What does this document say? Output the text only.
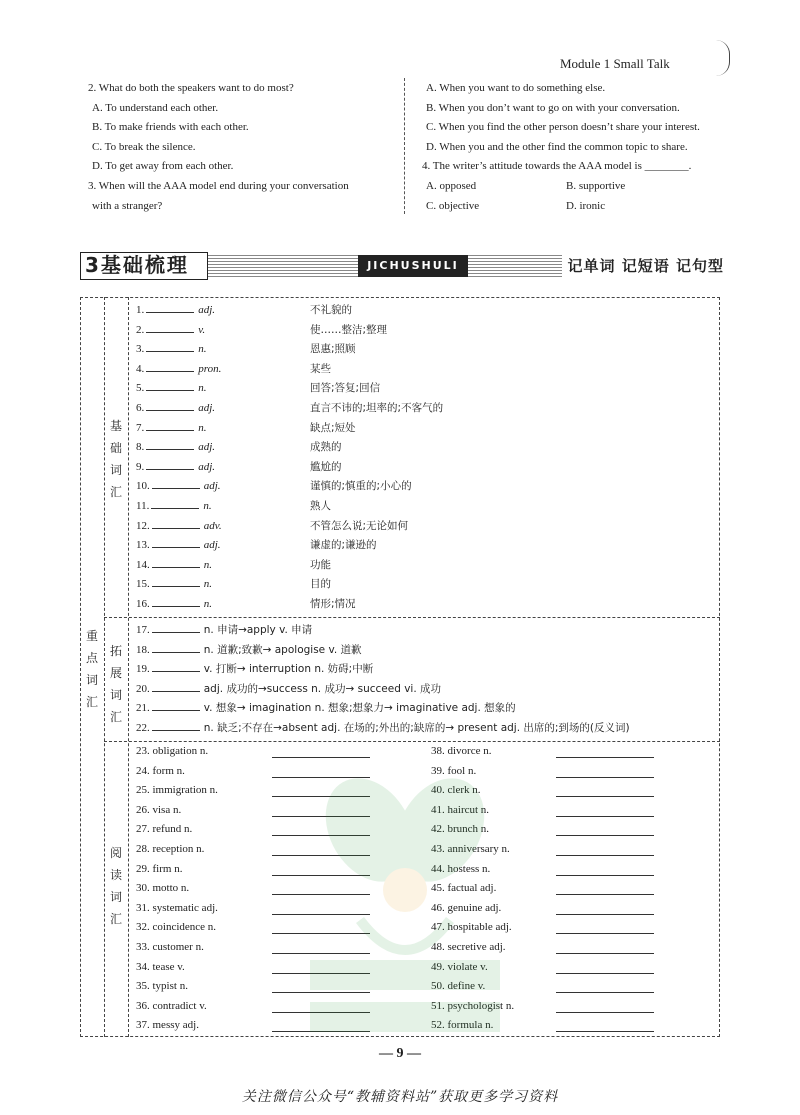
Module 1 Small Talk
2. What do both the speakers want to do most?
A. To understand each other.
B. To make friends with each other.
C. To break the silence.
D. To get away from each other.
3. When will the AAA model end during your conversation
with a stranger?
A. When you want to do something else.
B. When you don’t want to go on with your conversation.
C. When you find the other person doesn’t share your interest.
D. When you and the other find the common topic to share.
4. The writer’s attitude towards the AAA model is ________.
A. opposed	B. supportive
C. objective	D. ironic
3基础梳理	JICHUSHULI	记单词 记短语 记句型
重
点
词
汇
基
础
词
汇
拓
展
词
汇
阅
读
词
汇
1.	adj.	不礼貌的
2.	v.	使……整洁;整理
3.	n.	恩惠;照顾
4.	pron.	某些
5.	n.	回答;答复;回信
6.	adj.	直言不讳的;坦率的;不客气的
7.	n.	缺点;短处
8.	adj.	成熟的
9.	adj.	尴尬的
10.	adj.	谨慎的;慎重的;小心的
11.	n.	熟人
12.	adv.	不管怎么说;无论如何
13.	adj.	谦虚的;谦逊的
14.	n.	功能
15.	n.	目的
16.	n.	情形;情况
17.	n. 申请→apply v. 申请
18.	n. 道歉;致歉→ apologise v. 道歉
19.	v. 打断→ interruption n. 妨碍;中断
20.	adj. 成功的→success n. 成功→ succeed vi. 成功
21.	v. 想象→ imagination n. 想象;想象力→ imaginative adj. 想象的
22.	n. 缺乏;不存在→absent adj. 在场的;外出的;缺席的→ present adj. 出席的;到场的(反义词)
23. obligation n.
24. form n.
25. immigration n.
26. visa n.
27. refund n.
28. reception n.
29. firm n.
30. motto n.
31. systematic adj.
32. coincidence n.
33. customer n.
34. tease v.
35. typist n.
36. contradict v.
37. messy adj.
38. divorce n.
39. fool n.
40. clerk n.
41. haircut n.
42. brunch n.
43. anniversary n.
44. hostess n.
45. factual adj.
46. genuine adj.
47. hospitable adj.
48. secretive adj.
49. violate v.
50. define v.
51. psychologist n.
52. formula n.
— 9 —
关注微信公众号“教辅资料站”获取更多学习资料
